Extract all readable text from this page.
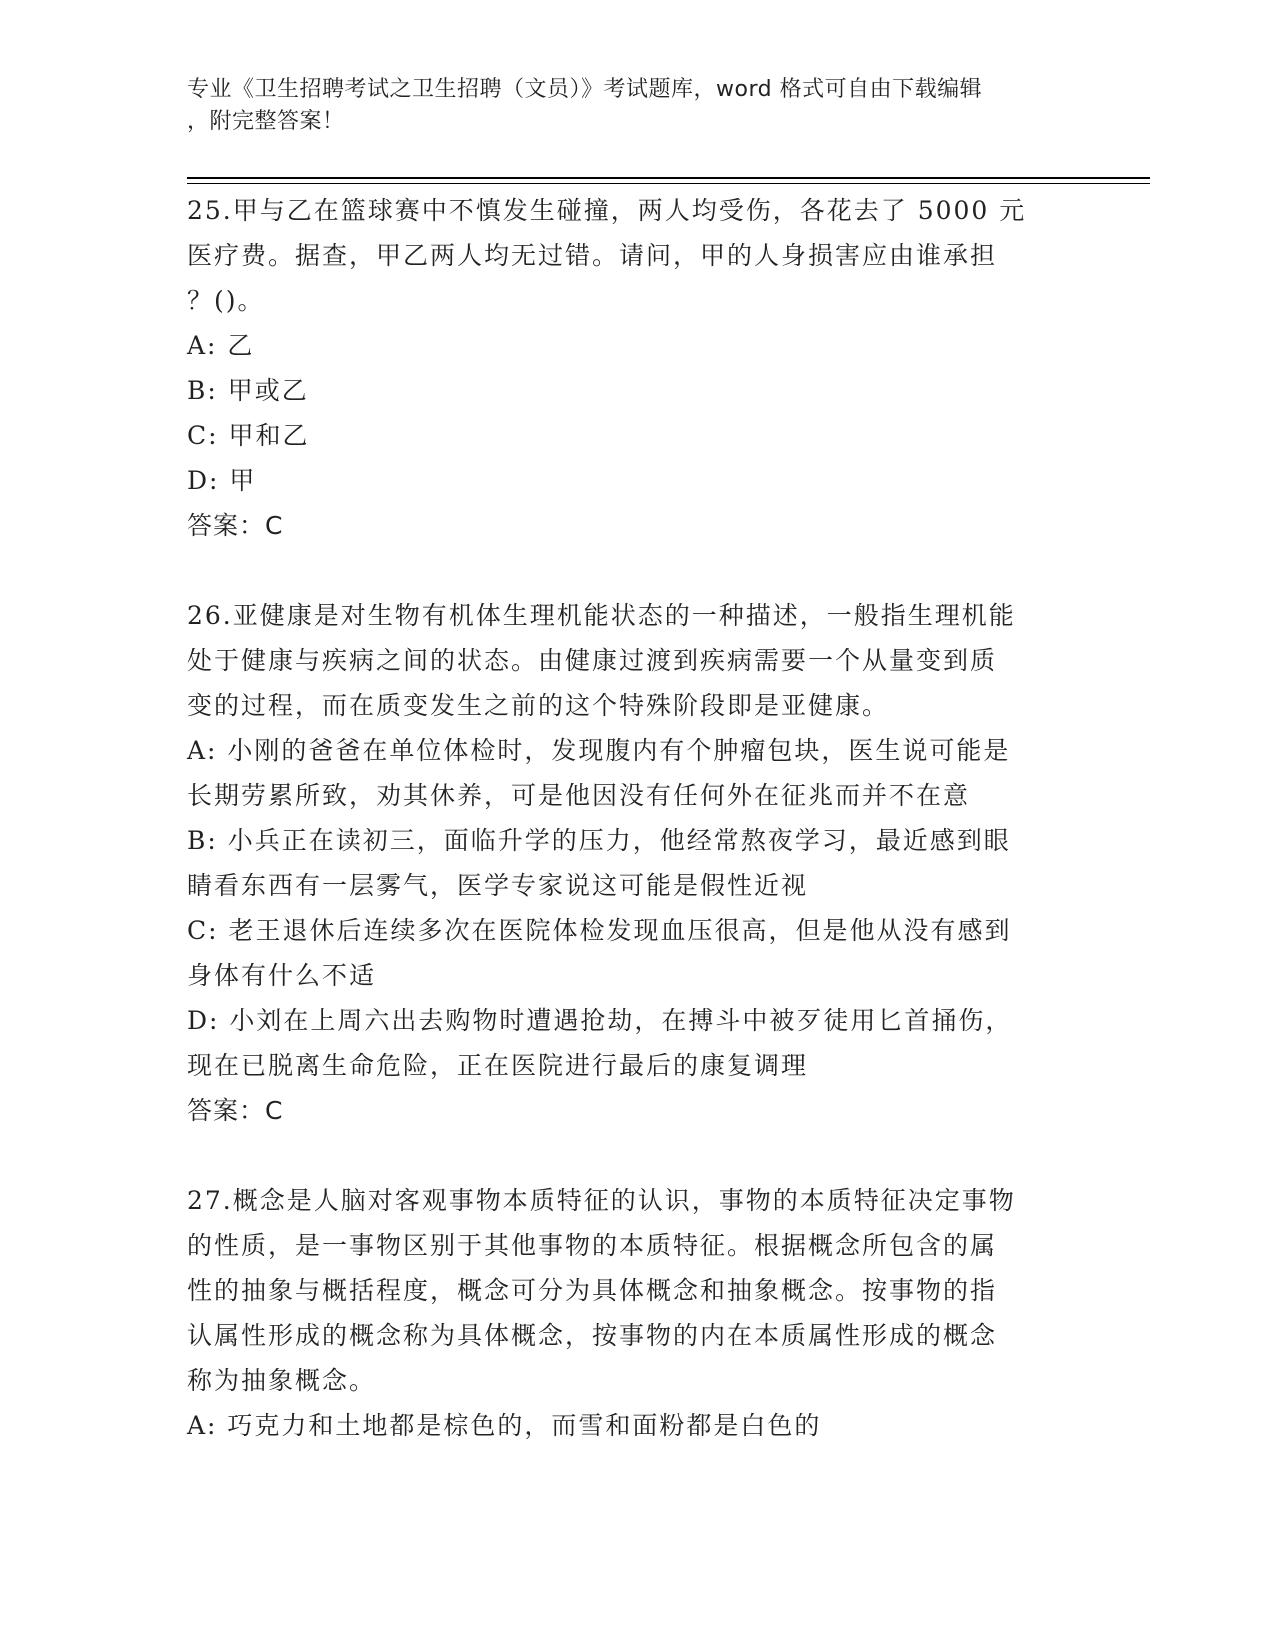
专业《卫生招聘考试之卫生招聘（文员）》考试题库，word 格式可自由下载编辑
，附完整答案！
25.甲与乙在篮球赛中不慎发生碰撞，两人均受伤，各花去了 5000 元
医疗费。据查，甲乙两人均无过错。请问，甲的人身损害应由谁承担
？()。
A: 乙
B: 甲或乙
C: 甲和乙
D: 甲
答案：C
26.亚健康是对生物有机体生理机能状态的一种描述，一般指生理机能
处于健康与疾病之间的状态。由健康过渡到疾病需要一个从量变到质
变的过程，而在质变发生之前的这个特殊阶段即是亚健康。
A: 小刚的爸爸在单位体检时，发现腹内有个肿瘤包块，医生说可能是
长期劳累所致，劝其休养，可是他因没有任何外在征兆而并不在意
B: 小兵正在读初三，面临升学的压力，他经常熬夜学习，最近感到眼
睛看东西有一层雾气，医学专家说这可能是假性近视
C: 老王退休后连续多次在医院体检发现血压很高，但是他从没有感到
身体有什么不适
D: 小刘在上周六出去购物时遭遇抢劫，在搏斗中被歹徒用匕首捅伤，
现在已脱离生命危险，正在医院进行最后的康复调理
答案：C
27.概念是人脑对客观事物本质特征的认识，事物的本质特征决定事物
的性质，是一事物区别于其他事物的本质特征。根据概念所包含的属
性的抽象与概括程度，概念可分为具体概念和抽象概念。按事物的指
认属性形成的概念称为具体概念，按事物的内在本质属性形成的概念
称为抽象概念。
A: 巧克力和土地都是棕色的，而雪和面粉都是白色的
